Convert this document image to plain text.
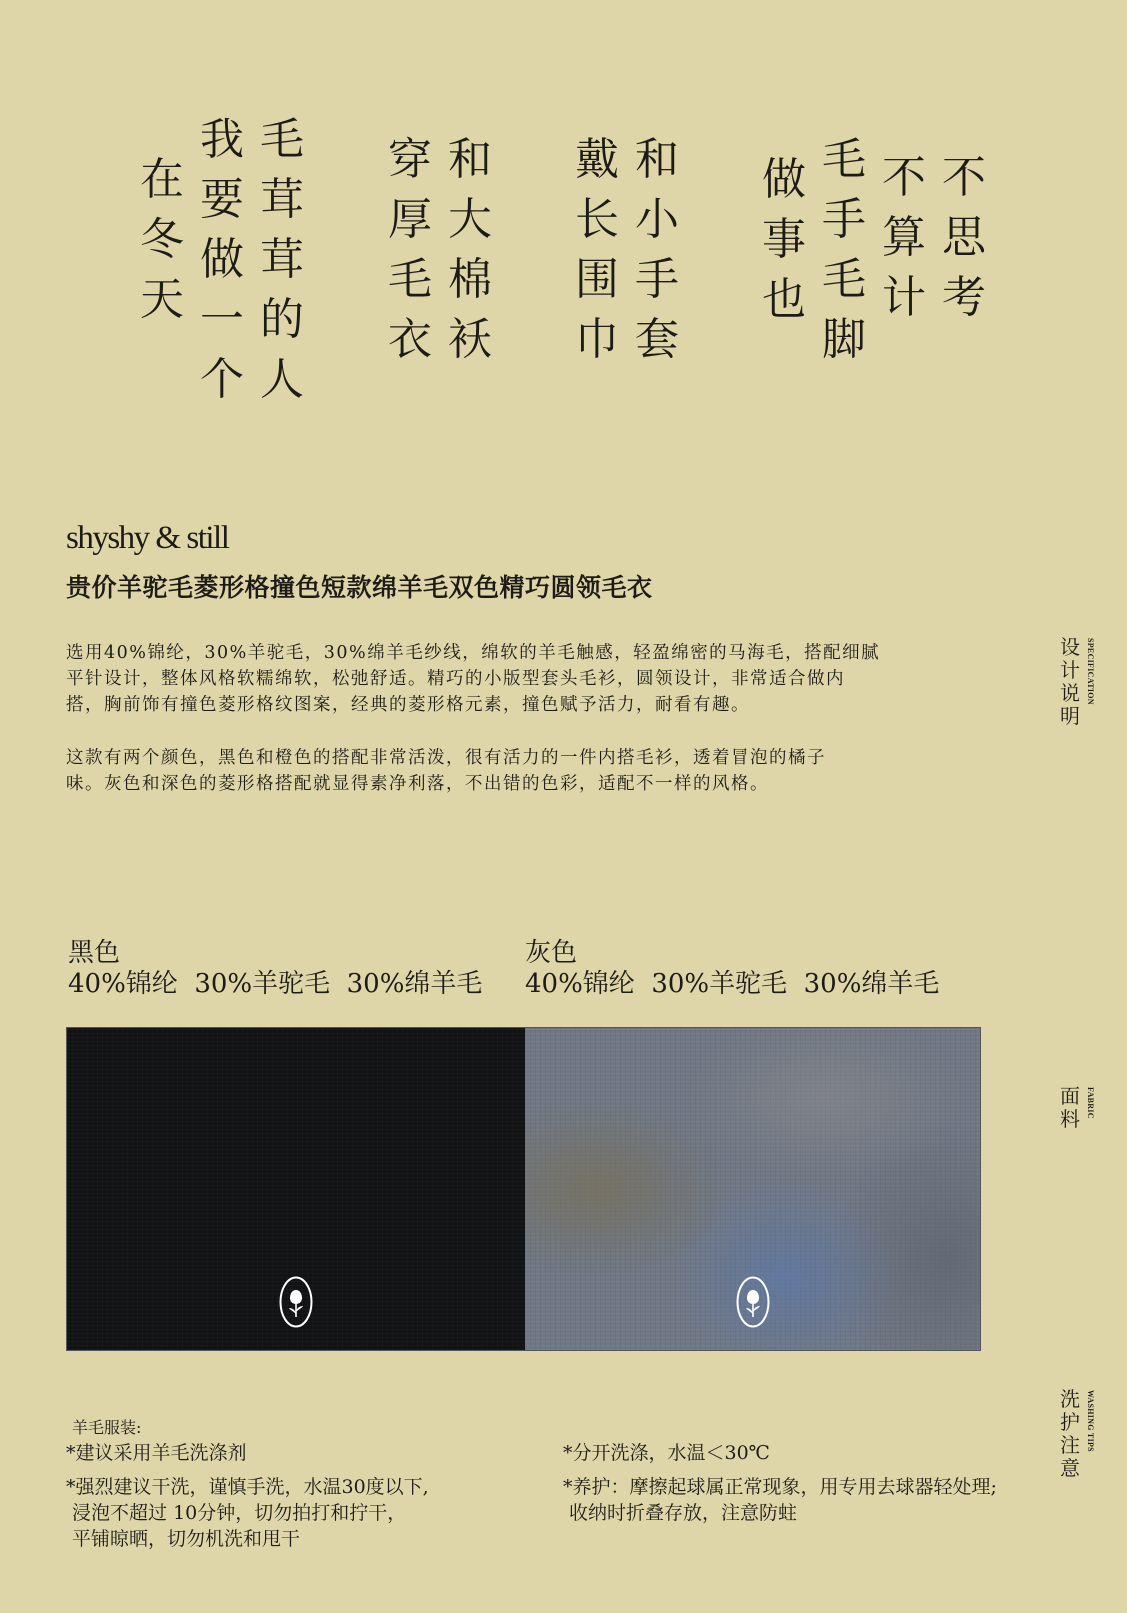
毛
茸
茸
的
人
我
要
做
一
个
在
冬
天
和
大
棉
袄
穿
厚
毛
衣
和
小
手
套
戴
长
围
巾
毛
手
毛
脚
做
事
也
不
思
考
不
算
计
shyshy & still
贵价羊驼毛菱形格撞色短款绵羊毛双色精巧圆领毛衣
选用40%锦纶，30%羊驼毛，30%绵羊毛纱线，绵软的羊毛触感，轻盈绵密的马海毛，搭配细腻
平针设计，整体风格软糯绵软，松弛舒适。精巧的小版型套头毛衫，圆领设计，非常适合做内
搭，胸前饰有撞色菱形格纹图案，经典的菱形格元素，撞色赋予活力，耐看有趣。
这款有两个颜色，黑色和橙色的搭配非常活泼，很有活力的一件内搭毛衫，透着冒泡的橘子
味。灰色和深色的菱形格搭配就显得素净利落，不出错的色彩，适配不一样的风格。
设
计
说
明
SPECIFICATION
面
料
FABRIC
洗
护
注
意
WASHING TIPS
黑色
40%锦纶  30%羊驼毛  30%绵羊毛
灰色
40%锦纶  30%羊驼毛  30%绵羊毛
羊毛服装:
*建议采用羊毛洗涤剂
*强烈建议干洗，谨慎手洗，水温30度以下,
浸泡不超过 10分钟，切勿拍打和拧干，
平铺晾晒，切勿机洗和甩干
*分开洗涤，水温＜30℃
*养护：摩擦起球属正常现象，用专用去球器轻处理;
收纳时折叠存放，注意防蛀
